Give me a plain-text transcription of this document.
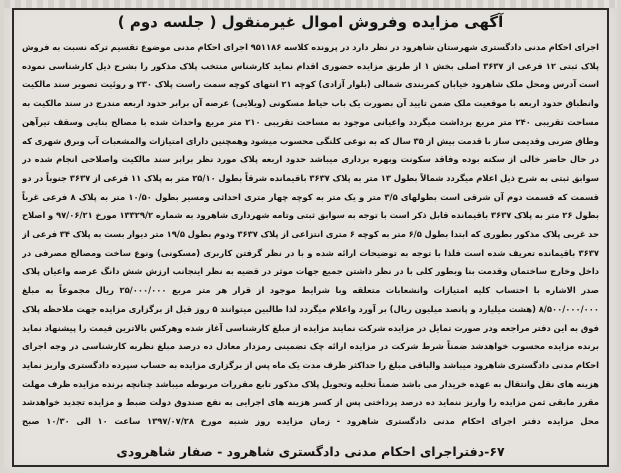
آگهی مزایده وفروش اموال غیرمنقول ( جلسه دوم )
اجرای احکام مدنی دادگستری شهرستان شاهرود در نظر دارد در پرونده کلاسه ۹۵۱۱۸۶ اجرای احکام مدنی موضوع تقسیم ترکه نسبت به فروش پلاک ثبتی ۱۲ فرعی از ۳۶۳۷ اصلی بخش ۱ از طریق مزایده حضوری اقدام نماید کارشناس منتخب پلاک مذکور را بشرح ذیل کارشناسی نموده است آدرس ومحل ملک شاهرود خیابان کمربندی شمالی (بلوار آزادی) کوچه ۲۱ انتهای کوچه سمت راست پلاک ۲۳۰ و روئیت تصویر سند مالکیت وانطباق حدود اربعه با موقعیت ملک ضمن تایید آن بصورت یک باب حیاط مسکونی (ویلایی) عرصه آن برابر حدود اربعه مندرج در سند مالکیت به مساحت تقریبی ۲۴۰ متر مربع برداشت میگردد واعیانی موجود به مساحت تقریبی ۲۱۰ متر مربع واحداث شده با مصالح بنایی وسقف تیرآهن وطاق ضربی وقدیمی ساز با قدمت بیش از ۳۵ سال که به نوعی کلنگی محسوب میشود وهمچنین دارای امتیازات والمشعبات آب وبرق شهری که در حال حاضر خالی از سکنه بوده وفاقد سکونت وبهره برداری میباشد حدود اربعه پلاک مورد نظر برابر سند مالکیت واصلاحی انجام شده در سوابق ثبتی به شرح ذیل اعلام میگردد شمالاً بطول ۱۳ متر به پلاک ۳۶۳۷ باقیمانده شرقاً بطول ۲۵/۱۰ متر به پلاک ۱۱ فرعی از ۳۶۳۷ جنوباً در دو قسمت که قسمت دوم آن شرقی است بطولهای ۳/۵ متر و یک متر به کوچه چهار متری احداثی ومسیر بطول ۱۰/۵۰ متر به پلاک ۸ فرعی غرباً بطول ۲۶ متر به پلاک ۳۶۳۷ باقیمانده قابل ذکر است با توجه به سوابق ثبتی وتامه شهرداری شاهرود به شماره ۱۳۳۲۹/۲ مورخ ۹۷/۰۶/۲۱ و اصلاح حد غربی پلاک مذکور بطوری که ابتدا بطول ۶/۵ متر به کوچه ۶ متری انتزاعی از پلاک ۳۶۳۷ ودوم بطول ۱۹/۵ متر دیوار بست به پلاک ۳۴ فرعی از ۳۶۳۷ باقیمانده تعریف شده است فلذا با توجه به توضیحات ارائه شده و با در نظر گرفتن کاربری (مسکونی) ونوع ساخت ومصالح مصرفی در داخل وخارج ساختمان وقدمت بنا وبطور کلی با در نظر داشتن جمیع جهات موثر در قضیه به نظر اینجانب ارزش شش دانگ عرصه واعیان پلاک صدر الاشاره با احتساب کلیه امتیازات وانشعابات متعلقه وبا شرایط موجود از قرار هر متر مربع ۲۵/۰۰۰/۰۰۰ ریال مجموعاً به مبلغ ۸/۵۰۰/۰۰۰/۰۰۰ (هشت میلیارد و پانصد میلیون ریال) بر آورد واعلام میگردد لذا طالبین میتوانند ۵ روز قبل از برگزاری مزایده جهت ملاحظه پلاک فوق به این دفتر مراجعه ودر صورت تمایل در مزایده شرکت نمایند مزایده از مبلغ کارشناسی آغاز شده وهرکس بالاترین قیمت را پیشنهاد نماید برنده مزایده محسوب خواهدشد ضمناً شرط شرکت در مزایده ارائه چک تضمینی رمزدار معادل ده درصد مبلغ نظریه کارشناسی در وجه اجرای احکام مدنی دادگستری شاهرود میباشد والباقی مبلغ را حداکثر ظرف مدت یک ماه پس از برگزاری مزایده به حساب سپرده دادگستری واریز نماید هزینه های نقل وانتقال به عهده خریدار می باشد ضمناً تخلیه وتحویل پلاک مذکور تابع مقررات مربوطه میباشد چنانچه برنده مزایده ظرف مهلت مقرر مابقی ثمن مزایده را واریز ننماید ده درصد پرداختی پس از کسر هزینه های اجرایی به نفع صندوق دولت ضبط و مزایده تجدید خواهدشد محل مزایده دفتر اجرای احکام مدنی دادگستری شاهرود - زمان مزایده روز شنبه مورخ ۱۳۹۷/۰۷/۲۸ ساعت ۱۰ الی ۱۰/۳۰ صبح
۶۷-دفتراجرای احکام مدنی دادگستری شاهرود - صفار شاهرودی
